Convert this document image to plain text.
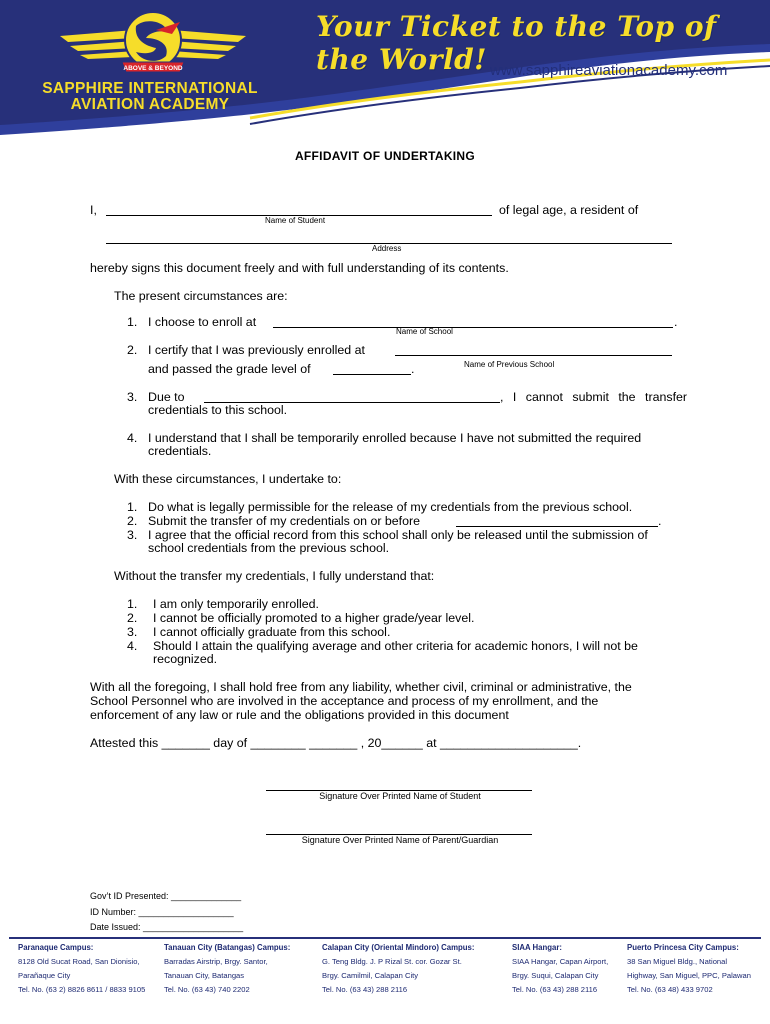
ABOVE & BEYOND
SAPPHIRE INTERNATIONAL
AVIATION ACADEMY
Your Ticket to the Top of the World! www.sapphireaviationacademy.com
AFFIDAVIT OF UNDERTAKING
I,	of legal age, a resident of
Name of Student
Address
hereby signs this document freely and with full understanding of its contents.
The present circumstances are:
1. I choose to enroll at	.
Name of School
2. I certify that I was previously enrolled at
Name of Previous School
and passed the grade level of	.
3. Due to	, I cannot submit the transfer
credentials to this school.
4. I understand that I shall be temporarily enrolled because I have not submitted the required
credentials.
With these circumstances, I undertake to:
1. Do what is legally permissible for the release of my credentials from the previous school.
2. Submit the transfer of my credentials on or before	.
3. I agree that the official record from this school shall only be released until the submission of
school credentials from the previous school.
Without the transfer my credentials, I fully understand that:
1. I am only temporarily enrolled.
2. I cannot be officially promoted to a higher grade/year level.
3. I cannot officially graduate from this school.
4. Should I attain the qualifying average and other criteria for academic honors, I will not be
recognized.
With all the foregoing, I shall hold free from any liability, whether civil, criminal or administrative, the
School Personnel who are involved in the acceptance and process of my enrollment, and the
enforcement of any law or rule and the obligations provided in this document
Attested this _______ day of ________ _______ , 20______ at ____________________.
Signature Over Printed Name of Student
Signature Over Printed Name of Parent/Guardian
Gov’t ID Presented: ______________
ID Number: ___________________
Date Issued: ____________________
Paranaque Campus:
8128 Old Sucat Road, San Dionisio,
Parañaque City
Tel. No. (63 2) 8826 8611 / 8833 9105
Tanauan City (Batangas) Campus:
Barradas Airstrip, Brgy. Santor,
Tanauan City, Batangas
Tel. No. (63 43) 740 2202
Calapan City (Oriental Mindoro) Campus:
G. Teng Bldg. J. P Rizal St. cor. Gozar St.
Brgy. Camilmil, Calapan City
Tel. No. (63 43) 288 2116
SIAA Hangar:
SIAA Hangar, Capan Airport,
Brgy. Suqui, Calapan City
Tel. No. (63 43) 288 2116
Puerto Princesa City Campus:
38 San Miguel Bldg., National
Highway, San Miguel, PPC, Palawan
Tel. No. (63 48) 433 9702
